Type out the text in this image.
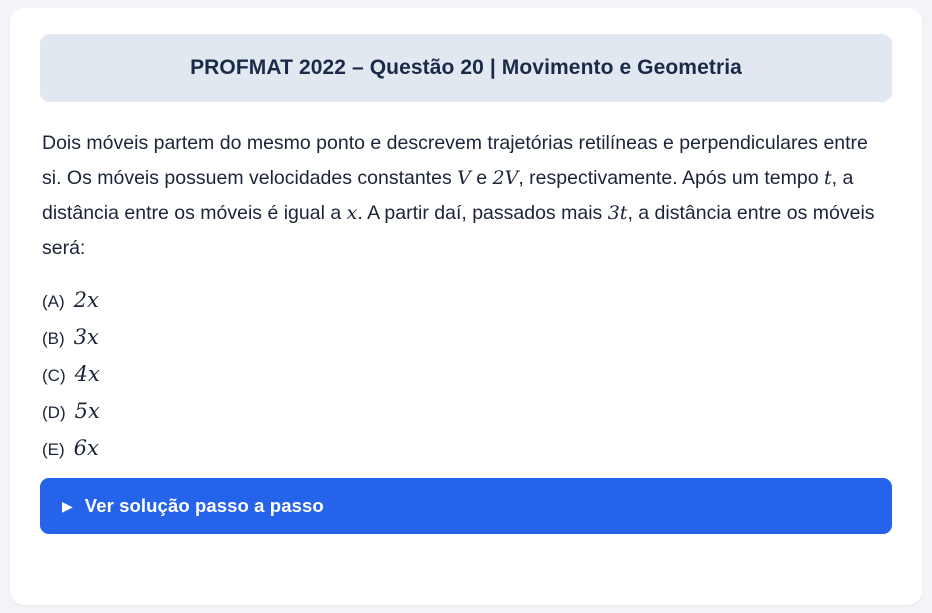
PROFMAT 2022 – Questão 20 | Movimento e Geometria

Dois móveis partem do mesmo ponto e descrevem trajetórias retilíneas e perpendiculares entre si. Os móveis possuem velocidades constantes V e 2V, respectivamente. Após um tempo t, a distância entre os móveis é igual a x. A partir daí, passados mais 3t, a distância entre os móveis será:

(A) 2x
(B) 3x
(C) 4x
(D) 5x
(E) 6x
▶ Ver solução passo a passo
